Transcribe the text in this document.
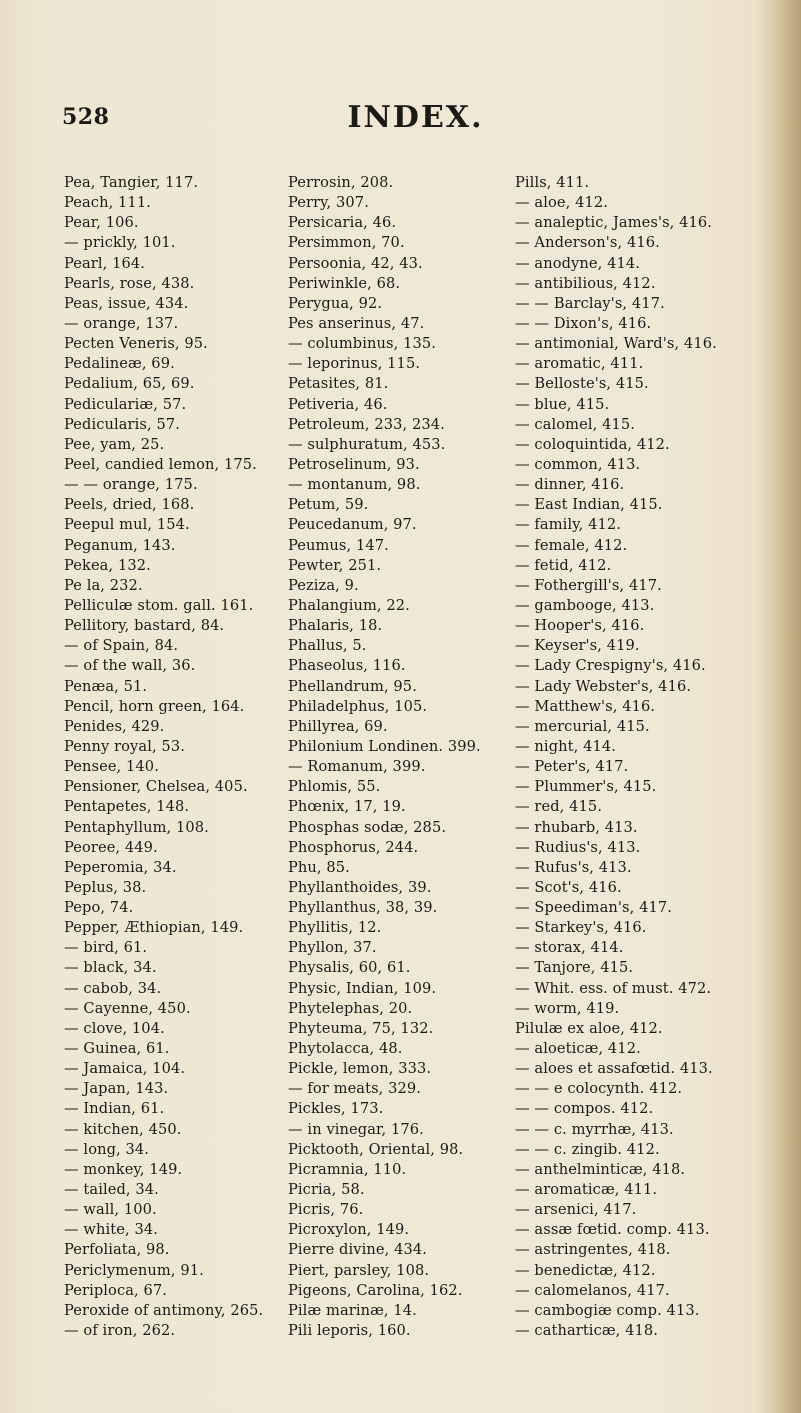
528	INDEX.
Pea, Tangier, 117.
Peach, 111.
Pear, 106.
— prickly, 101.
Pearl, 164.
Pearls, rose, 438.
Peas, issue, 434.
— orange, 137.
Pecten Veneris, 95.
Pedalineæ, 69.
Pedalium, 65, 69.
Pediculariæ, 57.
Pedicularis, 57.
Pee, yam, 25.
Peel, candied lemon, 175.
— — orange, 175.
Peels, dried, 168.
Peepul mul, 154.
Peganum, 143.
Pekea, 132.
Pe la, 232.
Pelliculæ stom. gall. 161.
Pellitory, bastard, 84.
— of Spain, 84.
— of the wall, 36.
Penæa, 51.
Pencil, horn green, 164.
Penides, 429.
Penny royal, 53.
Pensee, 140.
Pensioner, Chelsea, 405.
Pentapetes, 148.
Pentaphyllum, 108.
Peoree, 449.
Peperomia, 34.
Peplus, 38.
Pepo, 74.
Pepper, Æthiopian, 149.
— bird, 61.
— black, 34.
— cabob, 34.
— Cayenne, 450.
— clove, 104.
— Guinea, 61.
— Jamaica, 104.
— Japan, 143.
— Indian, 61.
— kitchen, 450.
— long, 34.
— monkey, 149.
— tailed, 34.
— wall, 100.
— white, 34.
Perfoliata, 98.
Periclymenum, 91.
Periploca, 67.
Peroxide of antimony, 265.
— of iron, 262.
Perrosin, 208.
Perry, 307.
Persicaria, 46.
Persimmon, 70.
Persoonia, 42, 43.
Periwinkle, 68.
Perygua, 92.
Pes anserinus, 47.
— columbinus, 135.
— leporinus, 115.
Petasites, 81.
Petiveria, 46.
Petroleum, 233, 234.
— sulphuratum, 453.
Petroselinum, 93.
— montanum, 98.
Petum, 59.
Peucedanum, 97.
Peumus, 147.
Pewter, 251.
Peziza, 9.
Phalangium, 22.
Phalaris, 18.
Phallus, 5.
Phaseolus, 116.
Phellandrum, 95.
Philadelphus, 105.
Phillyrea, 69.
Philonium Londinen. 399.
— Romanum, 399.
Phlomis, 55.
Phœnix, 17, 19.
Phosphas sodæ, 285.
Phosphorus, 244.
Phu, 85.
Phyllanthoides, 39.
Phyllanthus, 38, 39.
Phyllitis, 12.
Phyllon, 37.
Physalis, 60, 61.
Physic, Indian, 109.
Phytelephas, 20.
Phyteuma, 75, 132.
Phytolacca, 48.
Pickle, lemon, 333.
— for meats, 329.
Pickles, 173.
— in vinegar, 176.
Picktooth, Oriental, 98.
Picramnia, 110.
Picria, 58.
Picris, 76.
Picroxylon, 149.
Pierre divine, 434.
Piert, parsley, 108.
Pigeons, Carolina, 162.
Pilæ marinæ, 14.
Pili leporis, 160.
Pills, 411.
— aloe, 412.
— analeptic, James's, 416.
— Anderson's, 416.
— anodyne, 414.
— antibilious, 412.
— — Barclay's, 417.
— — Dixon's, 416.
— antimonial, Ward's, 416.
— aromatic, 411.
— Belloste's, 415.
— blue, 415.
— calomel, 415.
— coloquintida, 412.
— common, 413.
— dinner, 416.
— East Indian, 415.
— family, 412.
— female, 412.
— fetid, 412.
— Fothergill's, 417.
— gambooge, 413.
— Hooper's, 416.
— Keyser's, 419.
— Lady Crespigny's, 416.
— Lady Webster's, 416.
— Matthew's, 416.
— mercurial, 415.
— night, 414.
— Peter's, 417.
— Plummer's, 415.
— red, 415.
— rhubarb, 413.
— Rudius's, 413.
— Rufus's, 413.
— Scot's, 416.
— Speediman's, 417.
— Starkey's, 416.
— storax, 414.
— Tanjore, 415.
— Whit. ess. of must. 472.
— worm, 419.
Pilulæ ex aloe, 412.
— aloeticæ, 412.
— aloes et assafœtid. 413.
— — e colocynth. 412.
— — compos. 412.
— — c. myrrhæ, 413.
— — c. zingib. 412.
— anthelminticæ, 418.
— aromaticæ, 411.
— arsenici, 417.
— assæ fœtid. comp. 413.
— astringentes, 418.
— benedictæ, 412.
— calomelanos, 417.
— cambogiæ comp. 413.
— catharticæ, 418.
